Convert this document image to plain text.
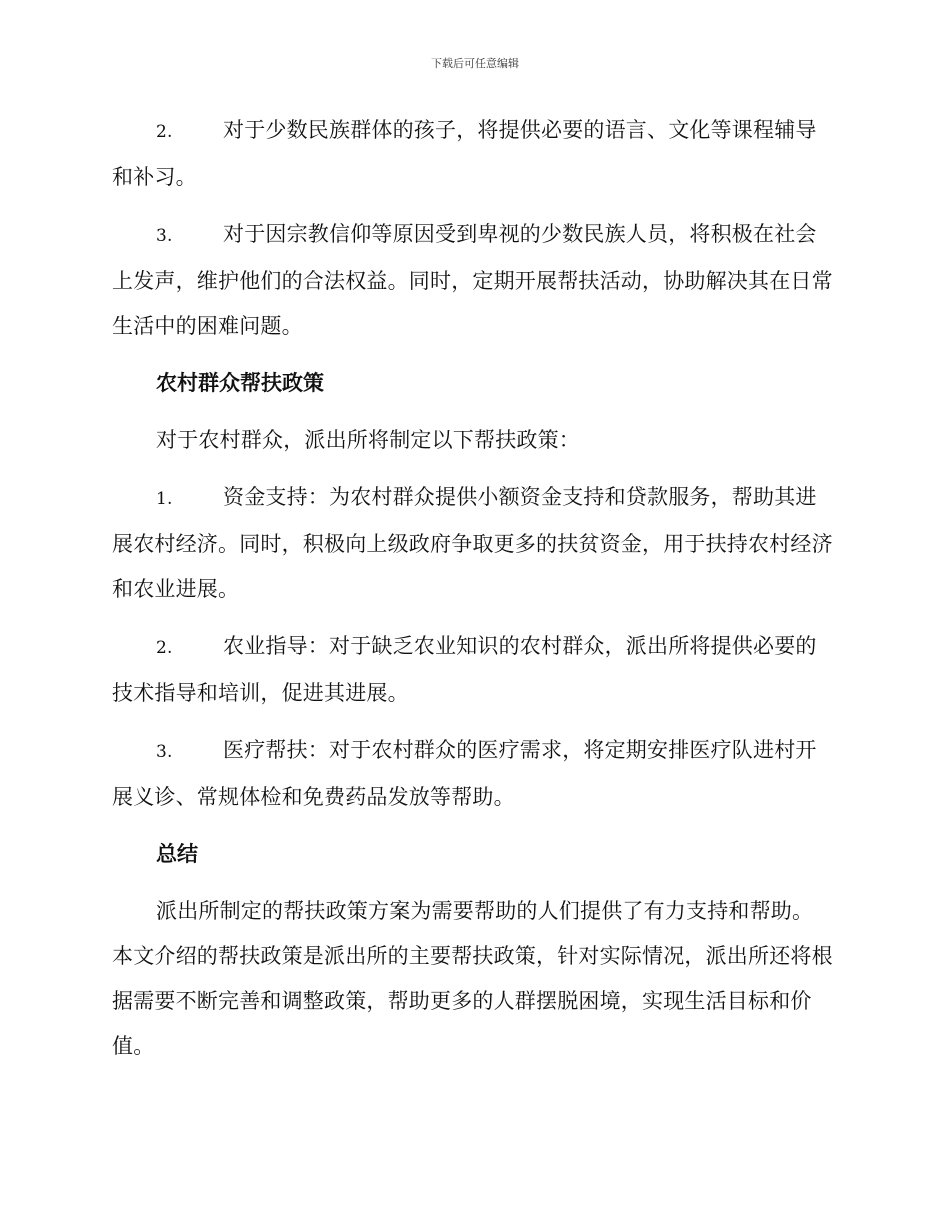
下载后可任意编辑

2. 对于少数民族群体的孩子，将提供必要的语言、文化等课程辅导和补习。

3. 对于因宗教信仰等原因受到卑视的少数民族人员，将积极在社会上发声，维护他们的合法权益。同时，定期开展帮扶活动，协助解决其在日常生活中的困难问题。

农村群众帮扶政策

对于农村群众，派出所将制定以下帮扶政策：

1. 资金支持：为农村群众提供小额资金支持和贷款服务，帮助其进展农村经济。同时，积极向上级政府争取更多的扶贫资金，用于扶持农村经济和农业进展。

2. 农业指导：对于缺乏农业知识的农村群众，派出所将提供必要的技术指导和培训，促进其进展。

3. 医疗帮扶：对于农村群众的医疗需求，将定期安排医疗队进村开展义诊、常规体检和免费药品发放等帮助。

总结

派出所制定的帮扶政策方案为需要帮助的人们提供了有力支持和帮助。本文介绍的帮扶政策是派出所的主要帮扶政策，针对实际情况，派出所还将根据需要不断完善和调整政策，帮助更多的人群摆脱困境，实现生活目标和价值。
